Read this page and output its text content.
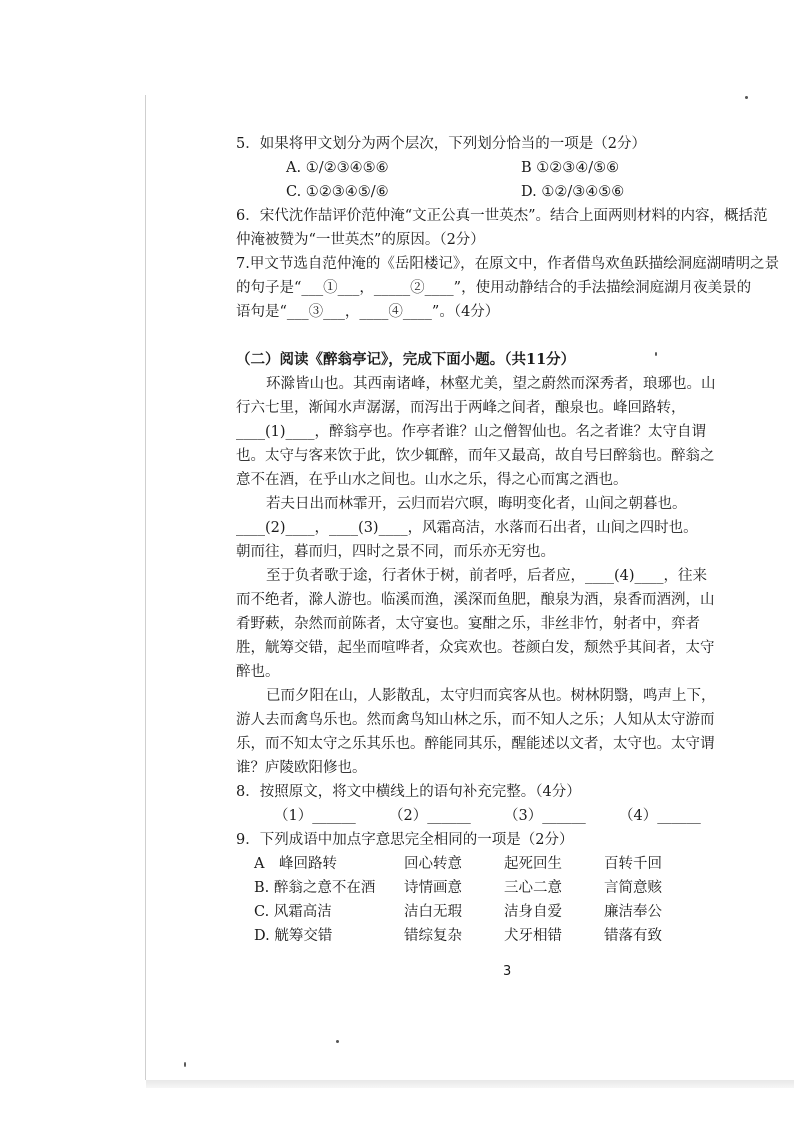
5．如果将甲文划分为两个层次，下列划分恰当的一项是（2分）
A. ①/②③④⑤⑥	B ①②③④/⑤⑥
C. ①②③④⑤/⑥	D. ①②/③④⑤⑥
6．宋代沈作喆评价范仲淹“文正公真一世英杰”。结合上面两则材料的内容，概括范
仲淹被赞为“一世英杰”的原因。（2分）
7.甲文节选自范仲淹的《岳阳楼记》，在原文中，作者借鸟欢鱼跃描绘洞庭湖晴明之景
的句子是“___①___，_____②____”，使用动静结合的手法描绘洞庭湖月夜美景的
语句是“___③___，____④____”。（4分）
（二）阅读《醉翁亭记》，完成下面小题。（共11分）
环滁皆山也。其西南诸峰，林壑尤美，望之蔚然而深秀者，琅琊也。山
行六七里，渐闻水声潺潺，而泻出于两峰之间者，酿泉也。峰回路转，
____(1)____，醉翁亭也。作亭者谁？山之僧智仙也。名之者谁？太守自谓
也。太守与客来饮于此，饮少辄醉，而年又最高，故自号曰醉翁也。醉翁之
意不在酒，在乎山水之间也。山水之乐，得之心而寓之酒也。
若夫日出而林霏开，云归而岩穴暝，晦明变化者，山间之朝暮也。
____(2)____，____(3)____，风霜高洁，水落而石出者，山间之四时也。
朝而往，暮而归，四时之景不同，而乐亦无穷也。
至于负者歌于途，行者休于树，前者呼，后者应，____(4)____，往来
而不绝者，滁人游也。临溪而渔，溪深而鱼肥，酿泉为酒，泉香而酒洌，山
肴野蔌，杂然而前陈者，太守宴也。宴酣之乐，非丝非竹，射者中，弈者
胜，觥筹交错，起坐而喧哗者，众宾欢也。苍颜白发，颓然乎其间者，太守
醉也。
已而夕阳在山，人影散乱，太守归而宾客从也。树林阴翳，鸣声上下，
游人去而禽鸟乐也。然而禽鸟知山林之乐，而不知人之乐；人知从太守游而
乐，而不知太守之乐其乐也。醉能同其乐，醒能述以文者，太守也。太守谓
谁？庐陵欧阳修也。
8．按照原文，将文中横线上的语句补充完整。（4分）
（1）______	（2）______	（3）______	（4）______
9．下列成语中加点字意思完全相同的一项是（2分）
A　峰回路转	回心转意	起死回生	百转千回
B. 醉翁之意不在酒	诗情画意	三心二意	言简意赅
C. 风霜高洁	洁白无瑕	洁身自爱	廉洁奉公
D. 觥筹交错	错综复杂	犬牙相错	错落有致
3
